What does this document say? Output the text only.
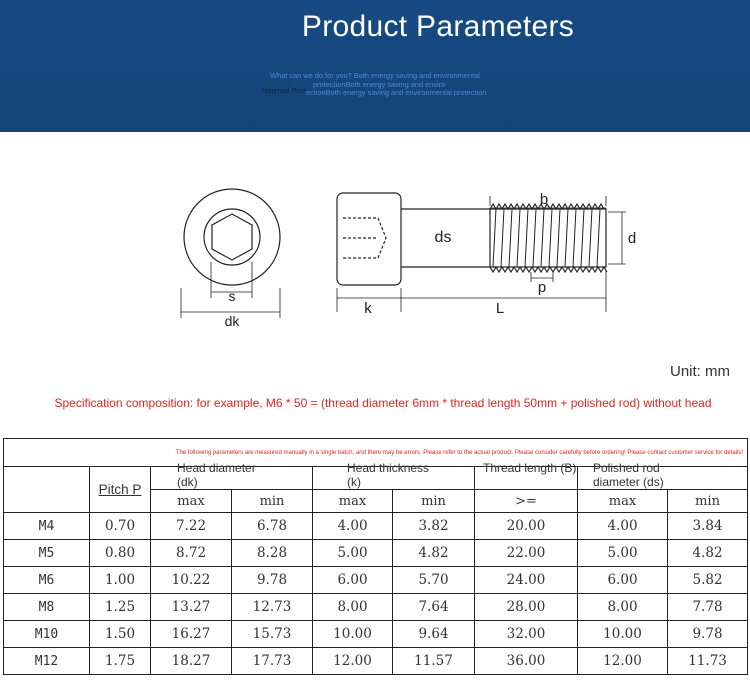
Product Parameters
What can we do for you? Both energy saving and environmental
protectionBoth energy saving and enviro
Nmental Prot ectionBoth energy saving and environmental protection
s
dk
ds
b
d
p
k	L
Unit: mm
Specification composition: for example, M6 * 50 = (thread diameter 6mm * thread length 50mm + polished rod) without head
The following parameters are measured manually in a single batch, and there may be errors. Please refer to the actual product. Please consider carefully before ordering! Please contact customer service for details!								
	Pitch P	Head diameter
(dk)		Head thickness
(k)		Thread length (B)	Polished rod
diameter (ds)	

		max	min	max	min	>=	max	min
M4	0.70	7.22	6.78	4.00	3.82	20.00	4.00	3.84
M5	0.80	8.72	8.28	5.00	4.82	22.00	5.00	4.82
M6	1.00	10.22	9.78	6.00	5.70	24.00	6.00	5.82
M8	1.25	13.27	12.73	8.00	7.64	28.00	8.00	7.78
M10	1.50	16.27	15.73	10.00	9.64	32.00	10.00	9.78
M12	1.75	18.27	17.73	12.00	11.57	36.00	12.00	11.73
